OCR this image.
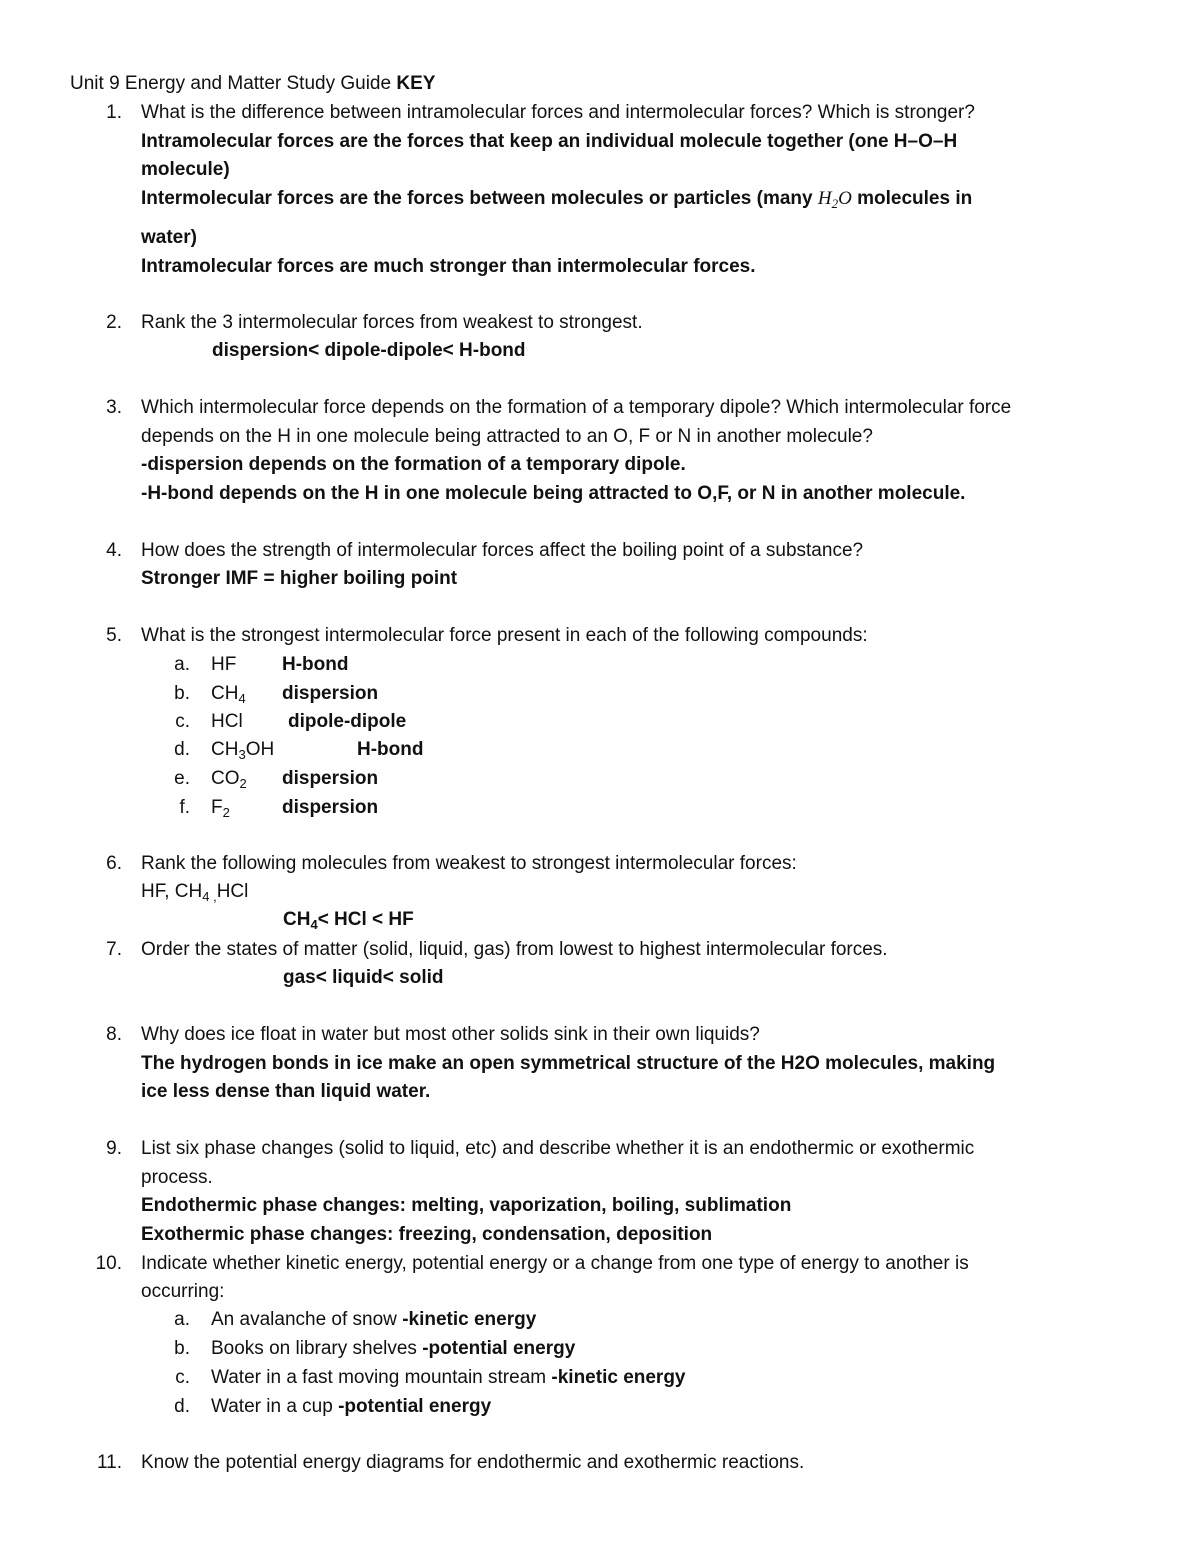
Unit 9 Energy and Matter Study Guide KEY
1. What is the difference between intramolecular forces and intermolecular forces? Which is stronger?
Intramolecular forces are the forces that keep an individual molecule together (one H–O–H
molecule)
Intermolecular forces are the forces between molecules or particles (many $H_2O$ molecules in
water)
Intramolecular forces are much stronger than intermolecular forces.
2. Rank the 3 intermolecular forces from weakest to strongest.
dispersion< dipole-dipole< H-bond
3. Which intermolecular force depends on the formation of a temporary dipole? Which intermolecular force
depends on the H in one molecule being attracted to an O, F or N in another molecule?
-dispersion depends on the formation of a temporary dipole.
-H-bond depends on the H in one molecule being attracted to O,F, or N in another molecule.
4. How does the strength of intermolecular forces affect the boiling point of a substance?
Stronger IMF = higher boiling point
5. What is the strongest intermolecular force present in each of the following compounds:
a. HF H-bond
b. $CH_4$ dispersion
c. HCl dipole-dipole
d. $CH_3OH$	H-bond
e. $CO_2$ dispersion
f. $F_2$	dispersion
6. Rank the following molecules from weakest to strongest intermolecular forces:
HF, $CH_4$ $_,$HCl
$CH_4<$ HCl < HF
7. Order the states of matter (solid, liquid, gas) from lowest to highest intermolecular forces.
gas< liquid< solid
8. Why does ice float in water but most other solids sink in their own liquids?
The hydrogen bonds in ice make an open symmetrical structure of the H2O molecules, making
ice less dense than liquid water.
9. List six phase changes (solid to liquid, etc) and describe whether it is an endothermic or exothermic
process.
Endothermic phase changes: melting, vaporization, boiling, sublimation
Exothermic phase changes: freezing, condensation, deposition
10. Indicate whether kinetic energy, potential energy or a change from one type of energy to another is
occurring:
a. An avalanche of snow -kinetic energy
b. Books on library shelves -potential energy
c. Water in a fast moving mountain stream -kinetic energy
d. Water in a cup -potential energy
11. Know the potential energy diagrams for endothermic and exothermic reactions.
